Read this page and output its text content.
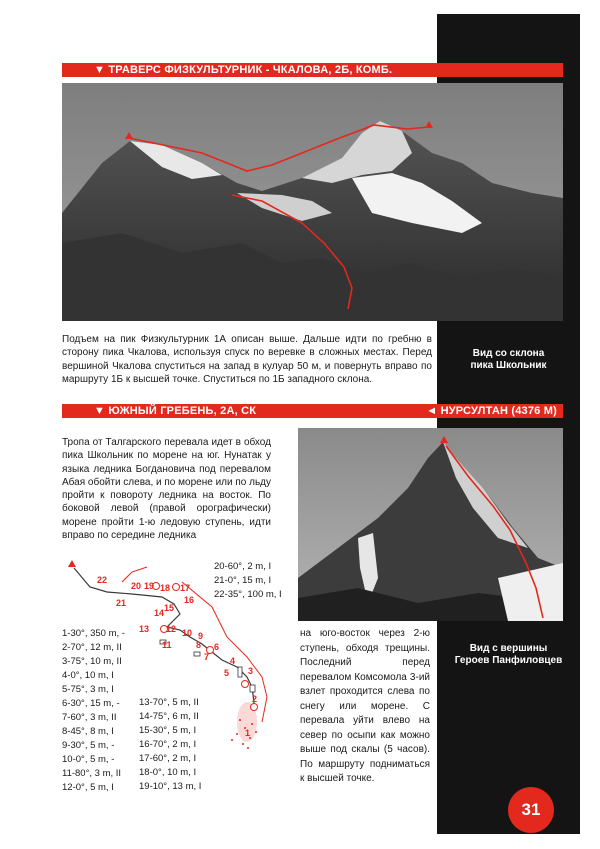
Вид со склона
пика Школьник
Вид с вершины
Героев Панфиловцев
▼ ТРАВЕРС ФИЗКУЛЬТУРНИК - ЧКАЛОВА, 2Б, КОМБ.
Подъем на пик Физкультурник 1А описан выше. Дальше идти по гребню в сторону пика Чкалова, используя спуск по веревке в сложных местах. Перед вершиной Чкалова спуститься на запад в кулуар 50 м, и повернуть вправо по маршруту 1Б к высшей точке. Спуститься по 1Б западного склона.
▼ ЮЖНЫЙ ГРЕБЕНЬ, 2А, СК	◄ НУРСУЛТАН (4376 М)
Тропа от Талгарского перевала идет в обход пика Школьник по морене на юг. Нунатак у языка ледника Богдановича под перевалом Абая обойти слева, и по морене или по льду пройти к повороту ледника на восток. По боковой левой (правой орографически) морене пройти 1-ю ледовую ступень, идти вправо по середине ледника
1
2
3
4
5
6
7
8
9
10
11
12
13
14 15
16
17
18
19
20
21
22
20-60°, 2 m, I
21-0°, 15 m, I
22-35°, 100 m, I
1-30°, 350 m, -
2-70°, 12 m, II
3-75°, 10 m, II
4-0°, 10 m, I
5-75°, 3 m, I
6-30°, 15 m, -
7-60°, 3 m, II
8-45°, 8 m, I
9-30°, 5 m, -
10-0°, 5 m, -
11-80°, 3 m, II
12-0°, 5 m, I
13-70°, 5 m, II
14-75°, 6 m, II
15-30°, 5 m, I
16-70°, 2 m, I
17-60°, 2 m, I
18-0°, 10 m, I
19-10°, 13 m, I
на юго-восток через 2-ю ступень, обходя трещины. Последний перед перевалом Комсомола 3-ий взлет проходится слева по снегу или морене. С перевала уйти влево на север по осыпи как можно выше под скалы (5 часов). По маршруту подниматься к высшей точке.
31
